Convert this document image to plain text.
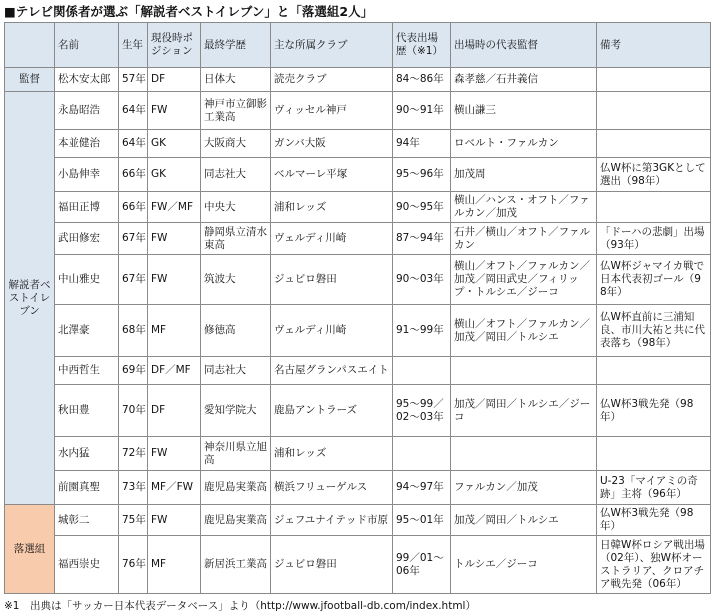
■テレビ関係者が選ぶ「解説者ベストイレブン」と「落選組2人」
	名前	生年	現役時ポジション	最終学歴	主な所属クラブ	代表出場歴（※1）	出場時の代表監督	備考
監督	松木安太郎	57年	DF	日体大	読売クラブ	84～86年	森孝慈／石井義信	
解説者ベストイレブン	永島昭浩	64年	FW	神戸市立御影工業高	ヴィッセル神戸	90～91年	横山謙三	
	本並健治	64年	GK	大阪商大	ガンバ大阪	94年	ロベルト・ファルカン	
	小島伸幸	66年	GK	同志社大	ベルマーレ平塚	95～96年	加茂周	仏W杯に第3GKとして選出（98年）
	福田正博	66年	FW／MF	中央大	浦和レッズ	90～95年	横山／ハンス・オフト／ファルカン／加茂	
	武田修宏	67年	FW	静岡県立清水東高	ヴェルディ川崎	87～94年	石井／横山／オフト／ファルカン	「ドーハの悲劇」出場（93年）
	中山雅史	67年	FW	筑波大	ジュビロ磐田	90～03年	横山／オフト／ファルカン／加茂／岡田武史／フィリップ・トルシエ／ジーコ	仏W杯ジャマイカ戦で日本代表初ゴール（98年）
	北澤豪	68年	MF	修徳高	ヴェルディ川崎	91～99年	横山／オフト／ファルカン／加茂／岡田／トルシエ	仏W杯直前に三浦知良、市川大祐と共に代表落ち（98年）
	中西哲生	69年	DF／MF	同志社大	名古屋グランパスエイト			
	秋田豊	70年	DF	愛知学院大	鹿島アントラーズ	95～99／02～03年	加茂／岡田／トルシエ／ジーコ	仏W杯3戦先発（98年）
	水内猛	72年	FW	神奈川県立旭高	浦和レッズ			
	前園真聖	73年	MF／FW	鹿児島実業高	横浜フリューゲルス	94～97年	ファルカン／加茂	U-23「マイアミの奇跡」主将（96年）
落選組	城彰二	75年	FW	鹿児島実業高	ジェフユナイテッド市原	95～01年	加茂／岡田／トルシエ	仏W杯3戦先発（98年）
	福西崇史	76年	MF	新居浜工業高	ジュビロ磐田	99／01～06年	トルシエ／ジーコ	日韓W杯ロシア戦出場（02年）、独W杯オーストラリア、クロアチア戦先発（06年）
※1　出典は「サッカー日本代表データベース」より（http://www.jfootball-db.com/index.html）
